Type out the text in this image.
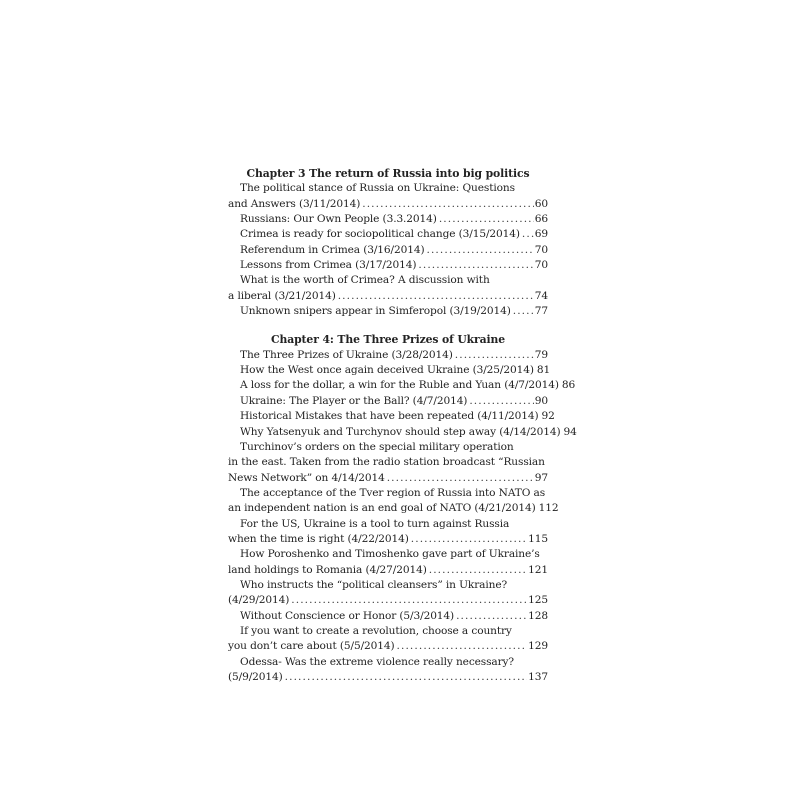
Chapter 3 The return of Russia into big politics
The political stance of Russia on Ukraine: Questions
and Answers (3/11/2014) .....	60
Russians: Our Own People (3.3.2014) .....	66
Crimea is ready for sociopolitical change (3/15/2014) ..... 69
Referendum in Crimea (3/16/2014) .....	70
Lessons from Crimea (3/17/2014) .....	70
What is the worth of Crimea? A discussion with
a liberal (3/21/2014) .....	74
Unknown snipers appear in Simferopol (3/19/2014) ..... 77
Chapter 4: The Three Prizes of Ukraine
The Three Prizes of Ukraine (3/28/2014) .....	79
How the West once again deceived Ukraine (3/25/2014) ..... 81
A loss for the dollar, a win for the Ruble and Yuan (4/7/2014) ..... 86
Ukraine: The Player or the Ball? (4/7/2014) .....	90
Historical Mistakes that have been repeated (4/11/2014) ..... 92
Why Yatsenyuk and Turchynov should step away (4/14/2014) ..... 94
Turchinov’s orders on the special military operation
in the east. Taken from the radio station broadcast “Russian
News Network” on 4/14/2014 .....	97
The acceptance of the Tver region of Russia into NATO as
an independent nation is an end goal of NATO (4/21/2014) ..... 112
For the US, Ukraine is a tool to turn against Russia
when the time is right (4/22/2014) .....	115
How Poroshenko and Timoshenko gave part of Ukraine’s
land holdings to Romania (4/27/2014) .....	121
Who instructs the “political cleansers” in Ukraine?
(4/29/2014) .....	125
Without Conscience or Honor (5/3/2014) .....	128
If you want to create a revolution, choose a country
you don’t care about (5/5/2014) .....	129
Odessa- Was the extreme violence really necessary?
(5/9/2014) .....	137
